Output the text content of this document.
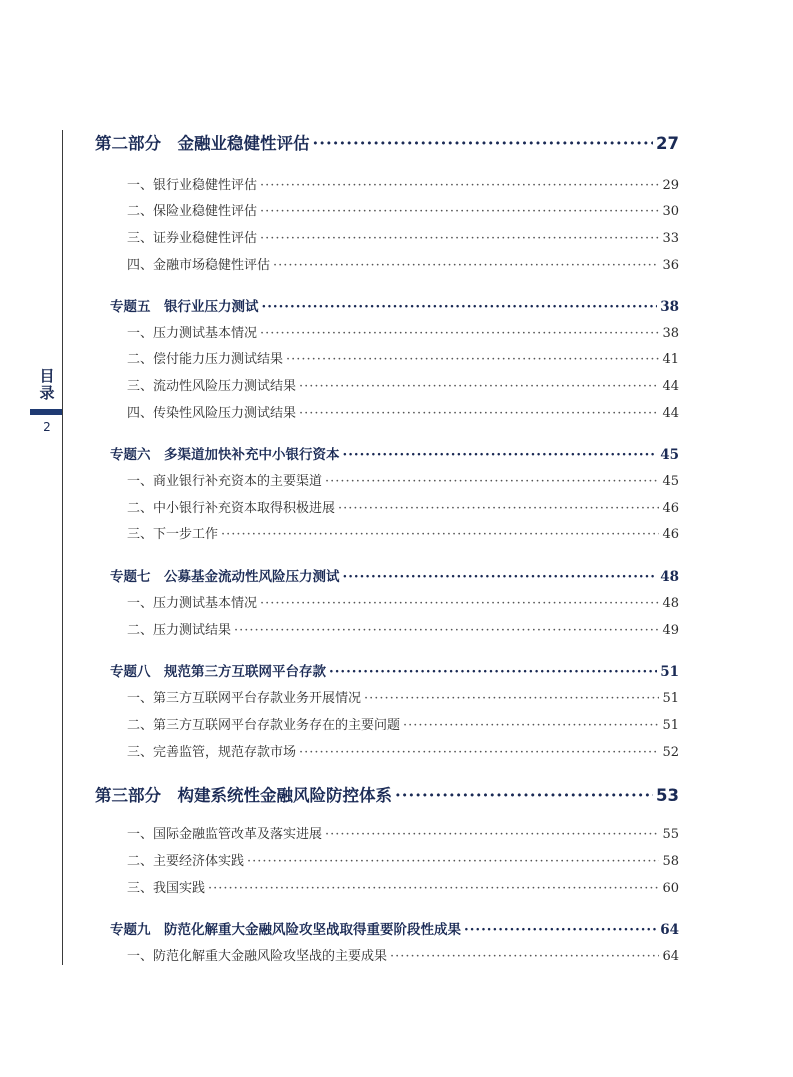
目
录
2
第二部分　金融业稳健性评估 ·····	27
一、银行业稳健性评估 ·····	29
二、保险业稳健性评估 ·····	30
三、证券业稳健性评估 ·····	33
四、金融市场稳健性评估 ·····	36
专题五　银行业压力测试 ·····	38
一、压力测试基本情况 ·····	38
二、偿付能力压力测试结果 ·····	41
三、流动性风险压力测试结果 ·····	44
四、传染性风险压力测试结果 ·····	44
专题六　多渠道加快补充中小银行资本 ·····	45
一、商业银行补充资本的主要渠道 ·····	45
二、中小银行补充资本取得积极进展 ·····	46
三、下一步工作 ·····	46
专题七　公募基金流动性风险压力测试 ·····	48
一、压力测试基本情况 ·····	48
二、压力测试结果 ·····	49
专题八　规范第三方互联网平台存款 ·····	51
一、第三方互联网平台存款业务开展情况 ·····	51
二、第三方互联网平台存款业务存在的主要问题 ·····	51
三、完善监管，规范存款市场 ·····	52
第三部分　构建系统性金融风险防控体系 ·····	53
一、国际金融监管改革及落实进展 ·····	55
二、主要经济体实践 ·····	58
三、我国实践 ·····	60
专题九　防范化解重大金融风险攻坚战取得重要阶段性成果 ·····	64
一、防范化解重大金融风险攻坚战的主要成果 ·····	64
